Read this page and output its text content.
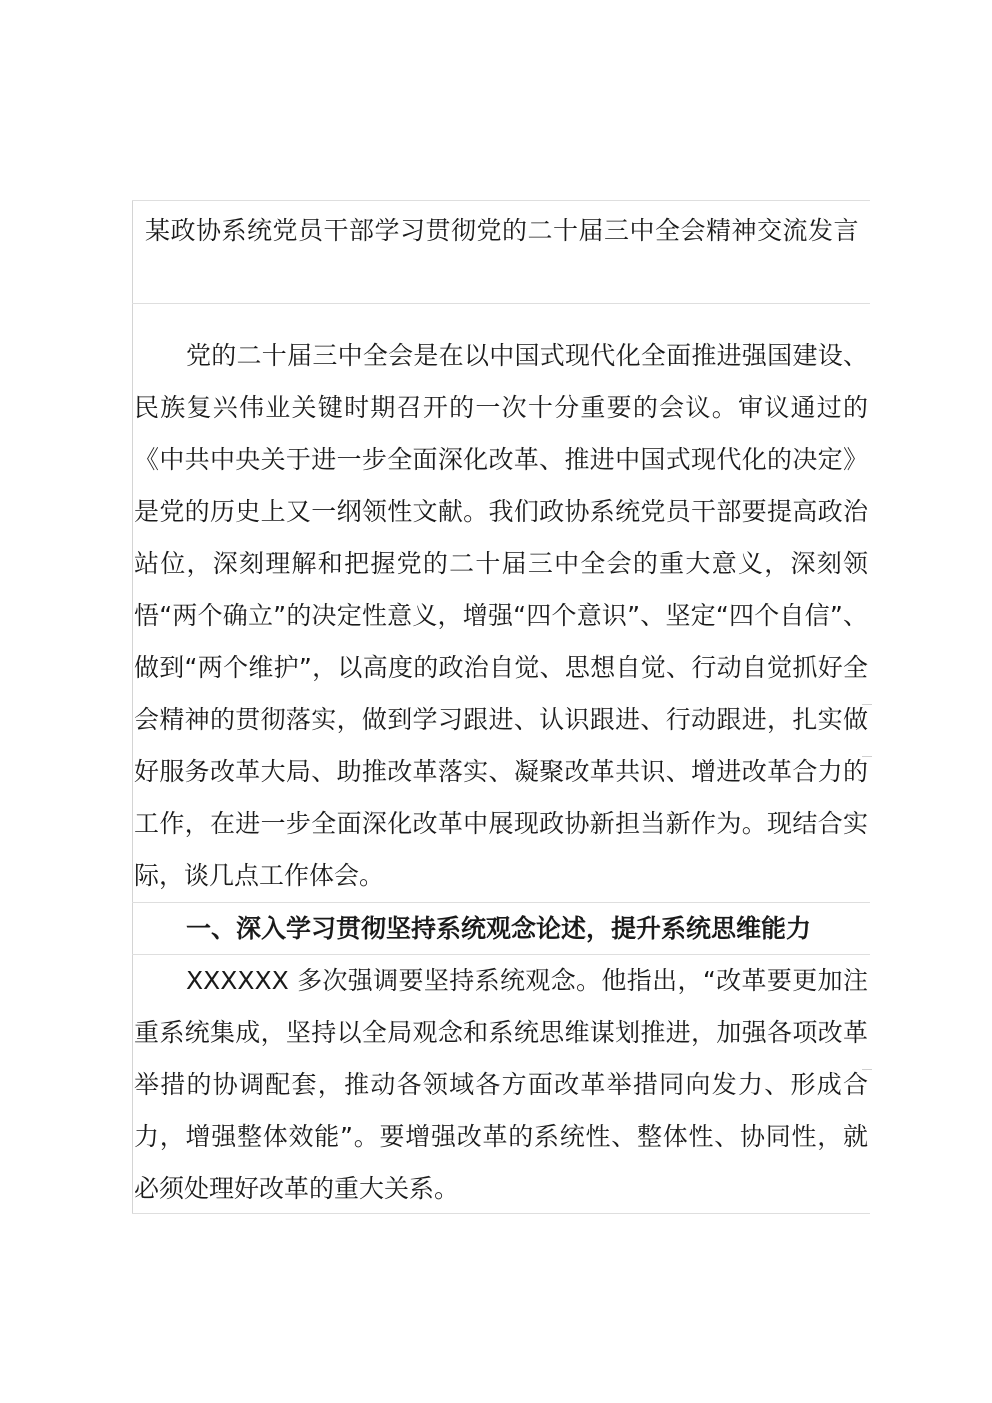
某政协系统党员干部学习贯彻党的二十届三中全会精神交流发言

党的二十届三中全会是在以中国式现代化全面推进强国建设、民族复兴伟业关键时期召开的一次十分重要的会议。审议通过的《中共中央关于进一步全面深化改革、推进中国式现代化的决定》是党的历史上又一纲领性文献。我们政协系统党员干部要提高政治站位，深刻理解和把握党的二十届三中全会的重大意义，深刻领悟“两个确立”的决定性意义，增强“四个意识”、坚定“四个自信”、做到“两个维护”，以高度的政治自觉、思想自觉、行动自觉抓好全会精神的贯彻落实，做到学习跟进、认识跟进、行动跟进，扎实做好服务改革大局、助推改革落实、凝聚改革共识、增进改革合力的工作，在进一步全面深化改革中展现政协新担当新作为。现结合实际，谈几点工作体会。

一、深入学习贯彻坚持系统观念论述，提升系统思维能力

XXXXXX 多次强调要坚持系统观念。他指出，“改革要更加注重系统集成，坚持以全局观念和系统思维谋划推进，加强各项改革举措的协调配套，推动各领域各方面改革举措同向发力、形成合力，增强整体效能”。要增强改革的系统性、整体性、协同性，就必须处理好改革的重大关系。
